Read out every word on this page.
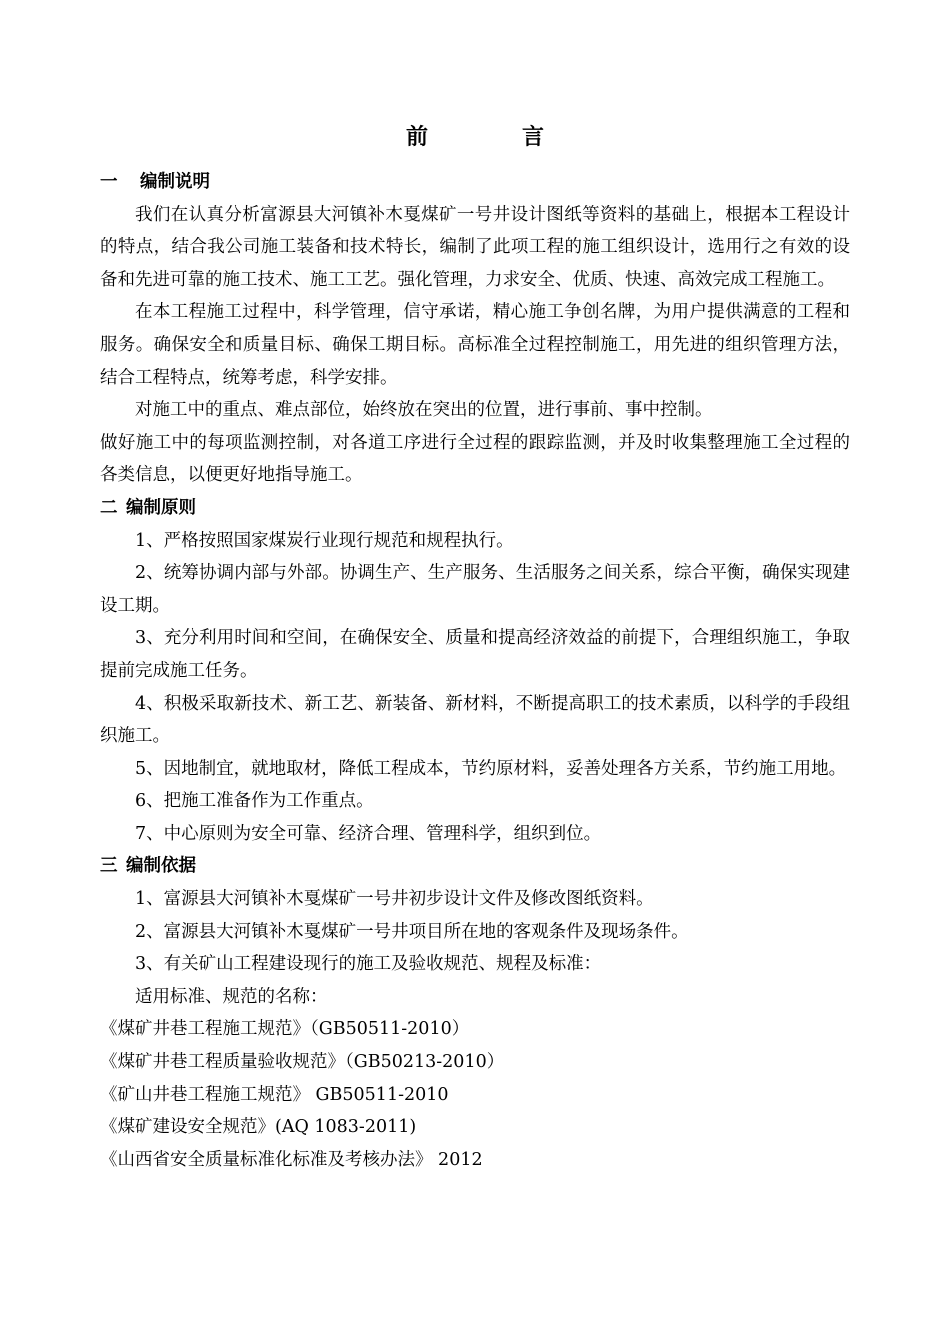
前　言

一 编制说明

我们在认真分析富源县大河镇补木戛煤矿一号井设计图纸等资料的基础上，根据本工程设计的特点，结合我公司施工装备和技术特长，编制了此项工程的施工组织设计，选用行之有效的设备和先进可靠的施工技术、施工工艺。强化管理，力求安全、优质、快速、高效完成工程施工。

在本工程施工过程中，科学管理，信守承诺，精心施工争创名牌，为用户提供满意的工程和服务。确保安全和质量目标、确保工期目标。高标准全过程控制施工，用先进的组织管理方法，结合工程特点，统筹考虑，科学安排。

对施工中的重点、难点部位，始终放在突出的位置，进行事前、事中控制。

做好施工中的每项监测控制，对各道工序进行全过程的跟踪监测，并及时收集整理施工全过程的各类信息，以便更好地指导施工。

二 编制原则

1、严格按照国家煤炭行业现行规范和规程执行。

2、统筹协调内部与外部。协调生产、生产服务、生活服务之间关系，综合平衡，确保实现建设工期。

3、充分利用时间和空间，在确保安全、质量和提高经济效益的前提下，合理组织施工，争取提前完成施工任务。

4、积极采取新技术、新工艺、新装备、新材料，不断提高职工的技术素质，以科学的手段组织施工。

5、因地制宜，就地取材，降低工程成本，节约原材料，妥善处理各方关系，节约施工用地。

6、把施工准备作为工作重点。

7、中心原则为安全可靠、经济合理、管理科学，组织到位。

三 编制依据

1、富源县大河镇补木戛煤矿一号井初步设计文件及修改图纸资料。

2、富源县大河镇补木戛煤矿一号井项目所在地的客观条件及现场条件。

3、有关矿山工程建设现行的施工及验收规范、规程及标准：

适用标准、规范的名称：

《煤矿井巷工程施工规范》（GB50511-2010）

《煤矿井巷工程质量验收规范》（GB50213-2010）

《矿山井巷工程施工规范》 GB50511-2010

《煤矿建设安全规范》(AQ 1083-2011)

《山西省安全质量标准化标准及考核办法》 2012
